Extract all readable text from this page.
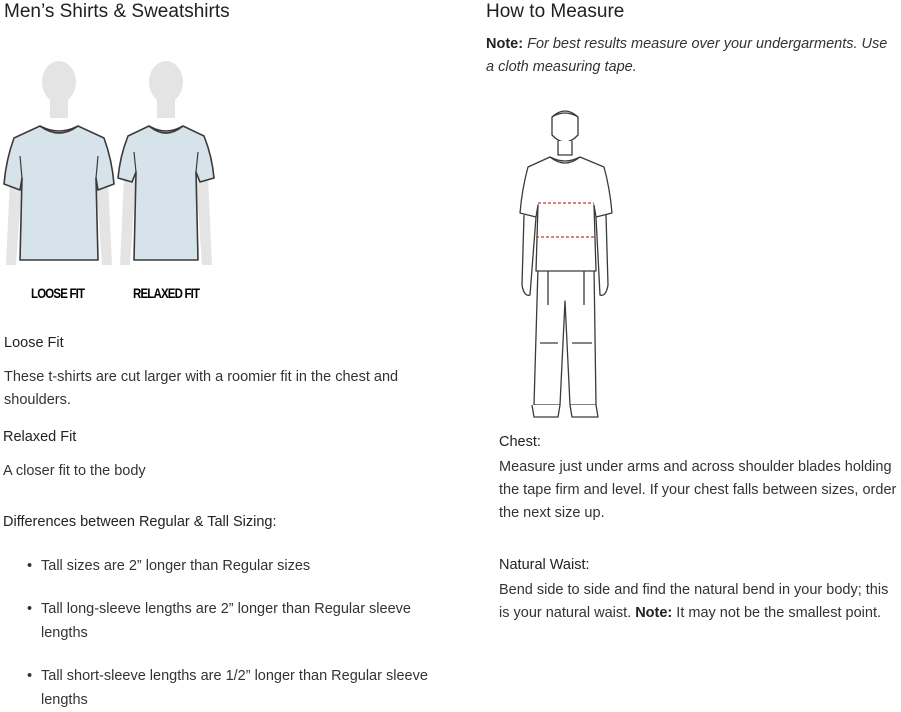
Men’s Shirts & Sweatshirts
LOOSE FIT	RELAXED FIT
Loose Fit
These t-shirts are cut larger with a roomier fit in the chest and
shoulders.
Relaxed Fit
A closer fit to the body
Differences between Regular & Tall Sizing:
• Tall sizes are 2” longer than Regular sizes
• Tall long-sleeve lengths are 2” longer than Regular sleeve
lengths
• Tall short-sleeve lengths are 1/2” longer than Regular sleeve
lengths
How to Measure
Note: For best results measure over your undergarments. Use
a cloth measuring tape.
Chest:
Measure just under arms and across shoulder blades holding
the tape firm and level. If your chest falls between sizes, order
the next size up.
Natural Waist:
Bend side to side and find the natural bend in your body; this
is your natural waist. Note: It may not be the smallest point.
